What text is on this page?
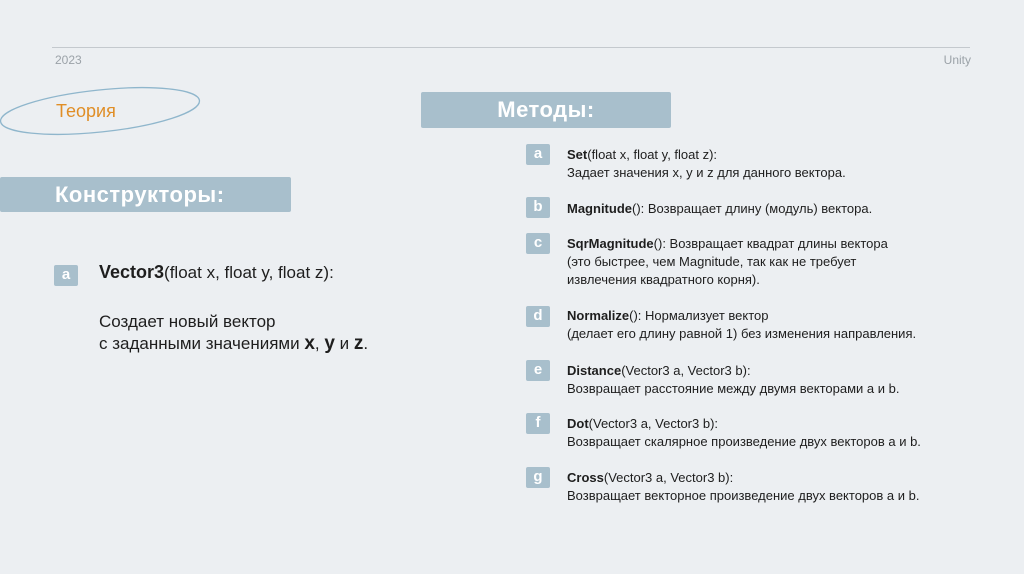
2023	Unity
Теория
Конструкторы:
a	Vector3(float x, float y, float z):
Создает новый вектор
с заданными значениями x, y и z.
Методы:
a	Set(float x, float y, float z):
Задает значения x, y и z для данного вектора.
b	Magnitude(): Возвращает длину (модуль) вектора.
c	SqrMagnitude(): Возвращает квадрат длины вектора
(это быстрее, чем Magnitude, так как не требует
извлечения квадратного корня).
d	Normalize(): Нормализует вектор
(делает его длину равной 1) без изменения направления.
e	Distance(Vector3 a, Vector3 b):
Возвращает расстояние между двумя векторами a и b.
f	Dot(Vector3 a, Vector3 b):
Возвращает скалярное произведение двух векторов a и b.
g	Cross(Vector3 a, Vector3 b):
Возвращает векторное произведение двух векторов a и b.
